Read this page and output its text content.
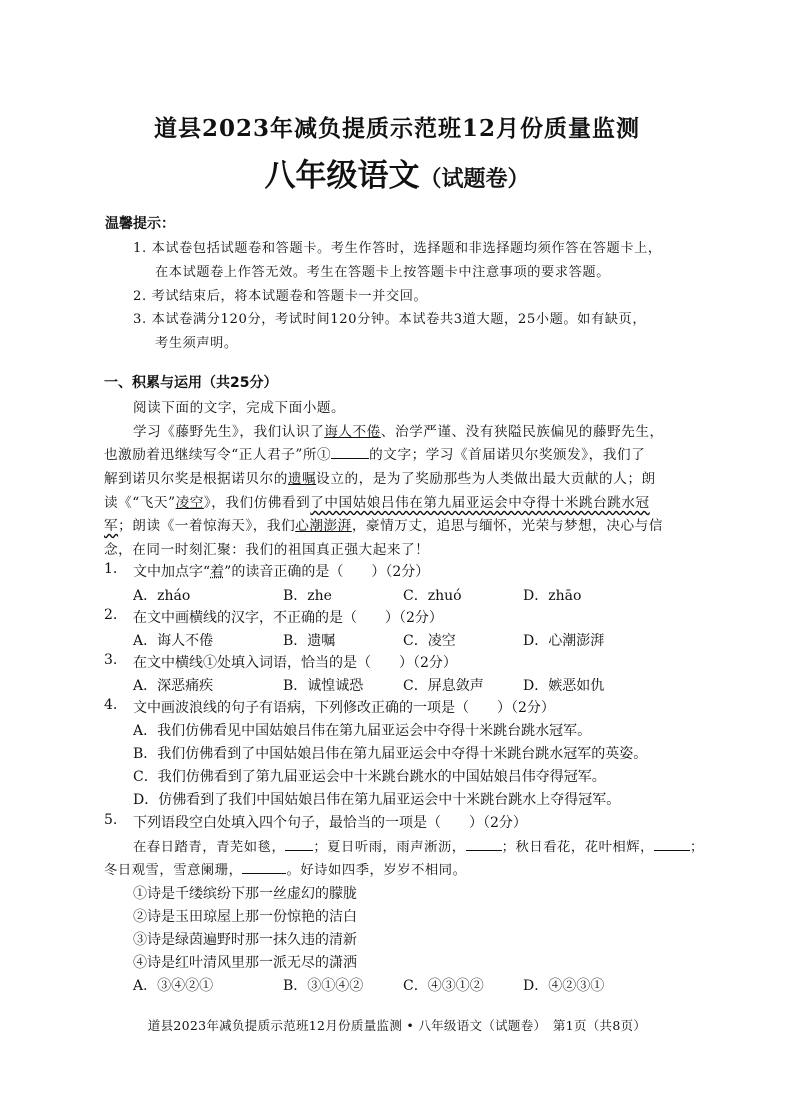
道县2023年减负提质示范班12月份质量监测
八年级语文（试题卷）
温馨提示：
1. 本试卷包括试题卷和答题卡。考生作答时，选择题和非选择题均须作答在答题卡上，
在本试题卷上作答无效。考生在答题卡上按答题卡中注意事项的要求答题。
2. 考试结束后，将本试题卷和答题卡一并交回。
3. 本试卷满分120分，考试时间120分钟。本试卷共3道大题，25小题。如有缺页，
考生须声明。
一、积累与运用（共25分）
阅读下面的文字，完成下面小题。
学习《藤野先生》，我们认识了诲人不倦、治学严谨、没有狭隘民族偏见的藤野先生，
也激励着迅继续写令“正人君子”所①	的文字；学习《首届诺贝尔奖颁发》，我们了
解到诺贝尔奖是根据诺贝尔的遗嘱设立的，是为了奖励那些为人类做出最大贡献的人；朗
读《“飞天”凌空》，我们仿佛看到了中国姑娘吕伟在第九届亚运会中夺得十米跳台跳水冠
军；朗读《一着惊海天》，我们心潮澎湃，豪情万丈，追思与缅怀，光荣与梦想，决心与信
念，在同一时刻汇聚：我们的祖国真正强大起来了！
1. 文中加点字“着”的读音正确的是（　　）（2分）
A．zháo	B．zhe	C．zhuó	D．zhāo
2. 在文中画横线的汉字，不正确的是（　　）（2分）
A．诲人不倦	B．遗嘱	C．凌空	D．心潮澎湃
3. 在文中横线①处填入词语，恰当的是（　　）（2分）
A．深恶痛疾	B．诚惶诚恐	C．屏息敛声	D．嫉恶如仇
4. 文中画波浪线的句子有语病，下列修改正确的一项是（　　）（2分）
A．我们仿佛看见中国姑娘吕伟在第九届亚运会中夺得十米跳台跳水冠军。
B．我们仿佛看到了中国姑娘吕伟在第九届亚运会中夺得十米跳台跳水冠军的英姿。
C．我们仿佛看到了第九届亚运会中十米跳台跳水的中国姑娘吕伟夺得冠军。
D．仿佛看到了我们中国姑娘吕伟在第九届亚运会中十米跳台跳水上夺得冠军。
5. 下列语段空白处填入四个句子，最恰当的一项是（　　）（2分）
在春日踏青，青芜如毯， ；夏日听雨，雨声淅沥，	；秋日看花，花叶相辉，	；
冬日观雪，雪意阑珊，	。好诗如四季，岁岁不相同。
①诗是千缕缤纷下那一丝虚幻的朦胧
②诗是玉田琼屋上那一份惊艳的洁白
③诗是绿茵遍野时那一抹久违的清新
④诗是红叶清风里那一派无尽的潇洒
A．③④②①	B．③①④②	C．④③①②	D．④②③①
道县2023年减负提质示范班12月份质量监测 • 八年级语文（试题卷）　第1页（共8页）
